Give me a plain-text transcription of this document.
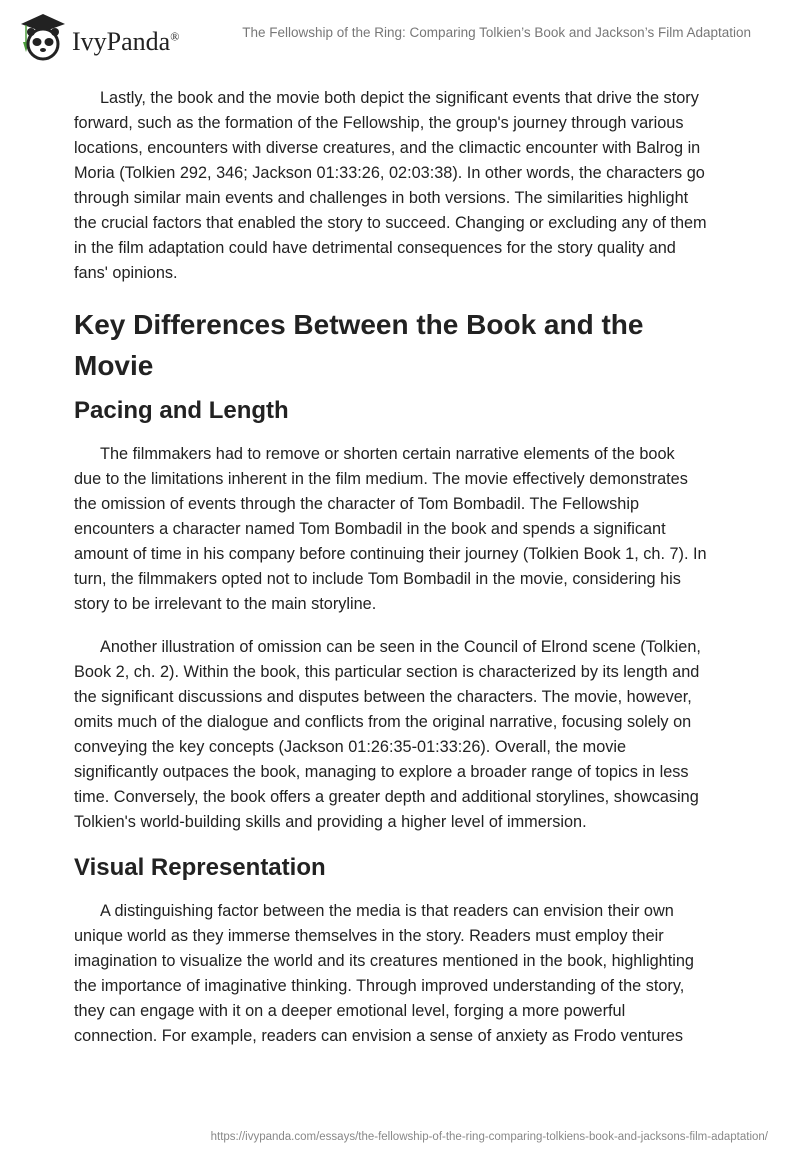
IvyPanda®	The Fellowship of the Ring: Comparing Tolkien’s Book and Jackson’s Film Adaptation

Lastly, the book and the movie both depict the significant events that drive the story
forward, such as the formation of the Fellowship, the group's journey through various
locations, encounters with diverse creatures, and the climactic encounter with Balrog in
Moria (Tolkien 292, 346; Jackson 01:33:26, 02:03:38). In other words, the characters go
through similar main events and challenges in both versions. The similarities highlight
the crucial factors that enabled the story to succeed. Changing or excluding any of them
in the film adaptation could have detrimental consequences for the story quality and
fans' opinions.

Key Differences Between the Book and the
Movie
Pacing and Length

The filmmakers had to remove or shorten certain narrative elements of the book
due to the limitations inherent in the film medium. The movie effectively demonstrates
the omission of events through the character of Tom Bombadil. The Fellowship
encounters a character named Tom Bombadil in the book and spends a significant
amount of time in his company before continuing their journey (Tolkien Book 1, ch. 7). In
turn, the filmmakers opted not to include Tom Bombadil in the movie, considering his
story to be irrelevant to the main storyline.

Another illustration of omission can be seen in the Council of Elrond scene (Tolkien,
Book 2, ch. 2). Within the book, this particular section is characterized by its length and
the significant discussions and disputes between the characters. The movie, however,
omits much of the dialogue and conflicts from the original narrative, focusing solely on
conveying the key concepts (Jackson 01:26:35-01:33:26). Overall, the movie
significantly outpaces the book, managing to explore a broader range of topics in less
time. Conversely, the book offers a greater depth and additional storylines, showcasing
Tolkien's world-building skills and providing a higher level of immersion.

Visual Representation

A distinguishing factor between the media is that readers can envision their own
unique world as they immerse themselves in the story. Readers must employ their
imagination to visualize the world and its creatures mentioned in the book, highlighting
the importance of imaginative thinking. Through improved understanding of the story,
they can engage with it on a deeper emotional level, forging a more powerful
connection. For example, readers can envision a sense of anxiety as Frodo ventures

https://ivypanda.com/essays/the-fellowship-of-the-ring-comparing-tolkiens-book-and-jacksons-film-adaptation/
